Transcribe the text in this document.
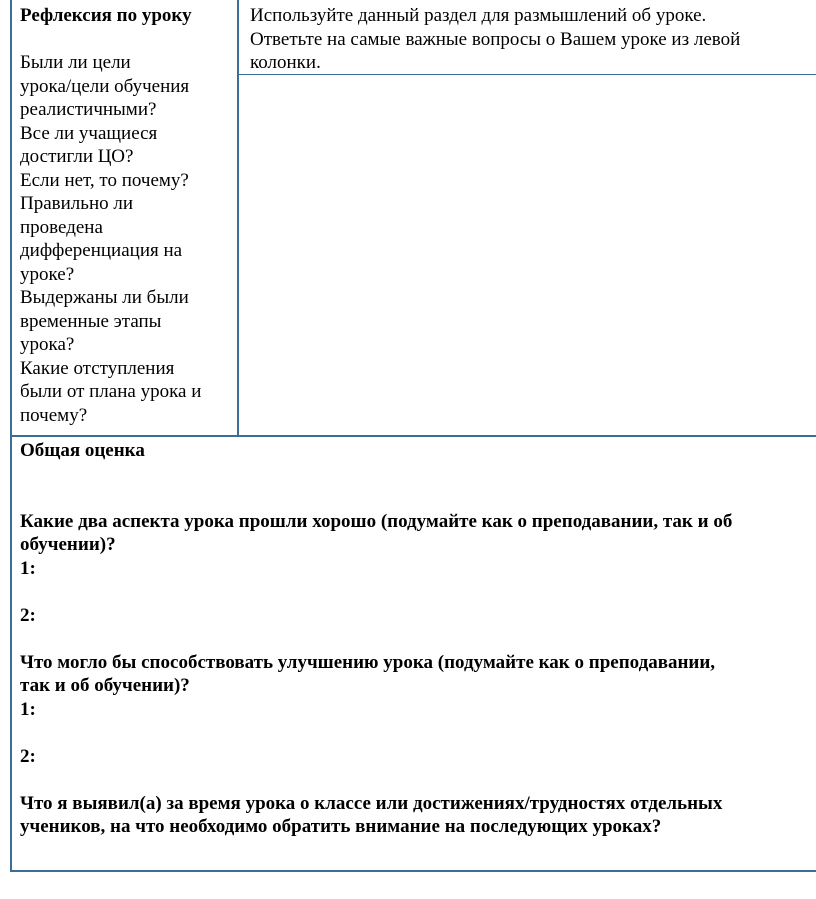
Рефлексия по уроку
Были ли цели
урока/цели обучения
реалистичными?
Все ли учащиеся
достигли ЦО?
Если нет, то почему?
Правильно ли
проведена
дифференциация на
уроке?
Выдержаны ли были
временные этапы
урока?
Какие отступления
были от плана урока и
почему?
Используйте данный раздел для размышлений об уроке.
Ответьте на самые важные вопросы о Вашем уроке из левой
колонки.
Общая оценка
Какие два аспекта урока прошли хорошо (подумайте как о преподавании, так и об
обучении)?
1:
2:
Что могло бы способствовать улучшению урока (подумайте как о преподавании,
так и об обучении)?
1:
2:
Что я выявил(а) за время урока о классе или достижениях/трудностях отдельных
учеников, на что необходимо обратить внимание на последующих уроках?
